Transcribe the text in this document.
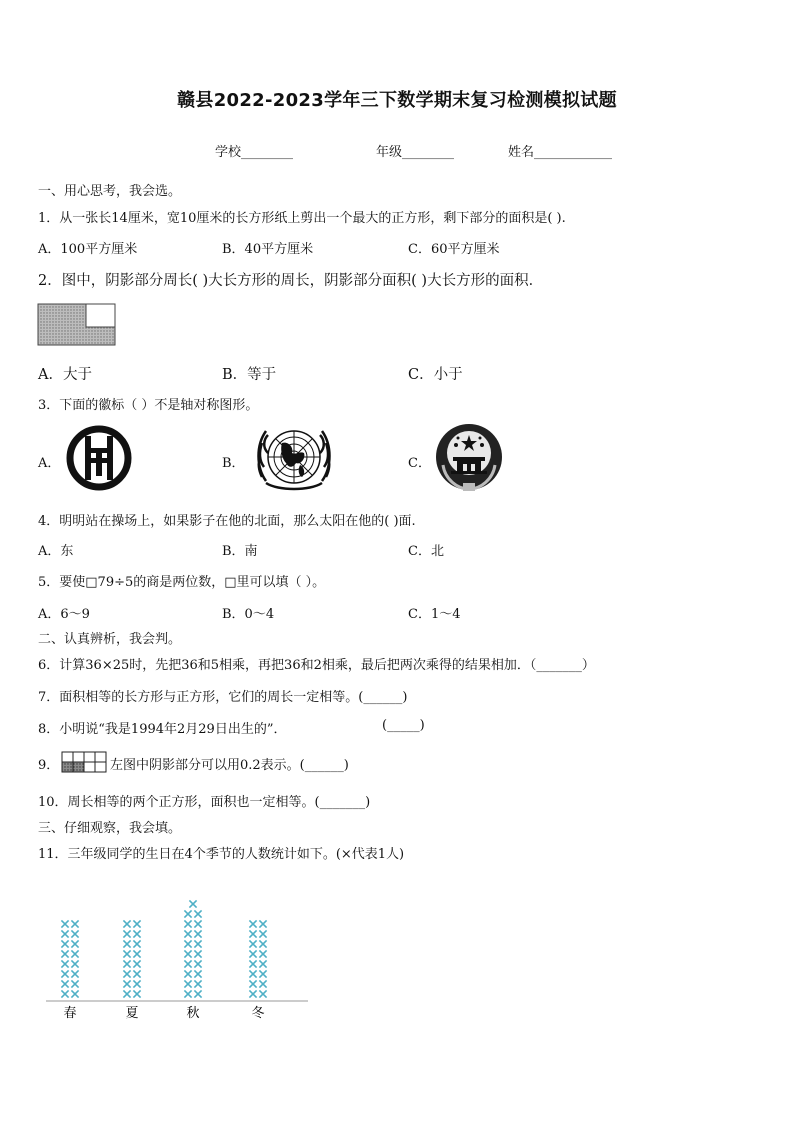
赣县2022-2023学年三下数学期末复习检测模拟试题
学校________	年级________	姓名____________
一、用心思考，我会选。
1．从一张长14厘米，宽10厘米的长方形纸上剪出一个最大的正方形，剩下部分的面积是( ).
A．100平方厘米	B．40平方厘米	C．60平方厘米
2．图中，阴影部分周长( )大长方形的周长，阴影部分面积( )大长方形的面积．
A．大于	B．等于	C．小于
3．下面的徽标（ ）不是轴对称图形。
A．	B．	C．
4．明明站在操场上，如果影子在他的北面，那么太阳在他的( )面.
A．东	B．南	C．北
5．要使□79÷5的商是两位数，□里可以填（ ）。
A．6～9	B．0～4	C．1～4
二、认真辨析，我会判。
6．计算36×25时，先把36和5相乘，再把36和2相乘，最后把两次乘得的结果相加．（_______）
7．面积相等的长方形与正方形，它们的周长一定相等。(______)
8．小明说“我是1994年2月29日出生的”．	(_____)
9．	左图中阴影部分可以用0.2表示。(______)
10．周长相等的两个正方形，面积也一定相等。(_______)
三、仔细观察，我会填。
11．三年级同学的生日在4个季节的人数统计如下。(×代表1人)
春	夏	秋	冬
